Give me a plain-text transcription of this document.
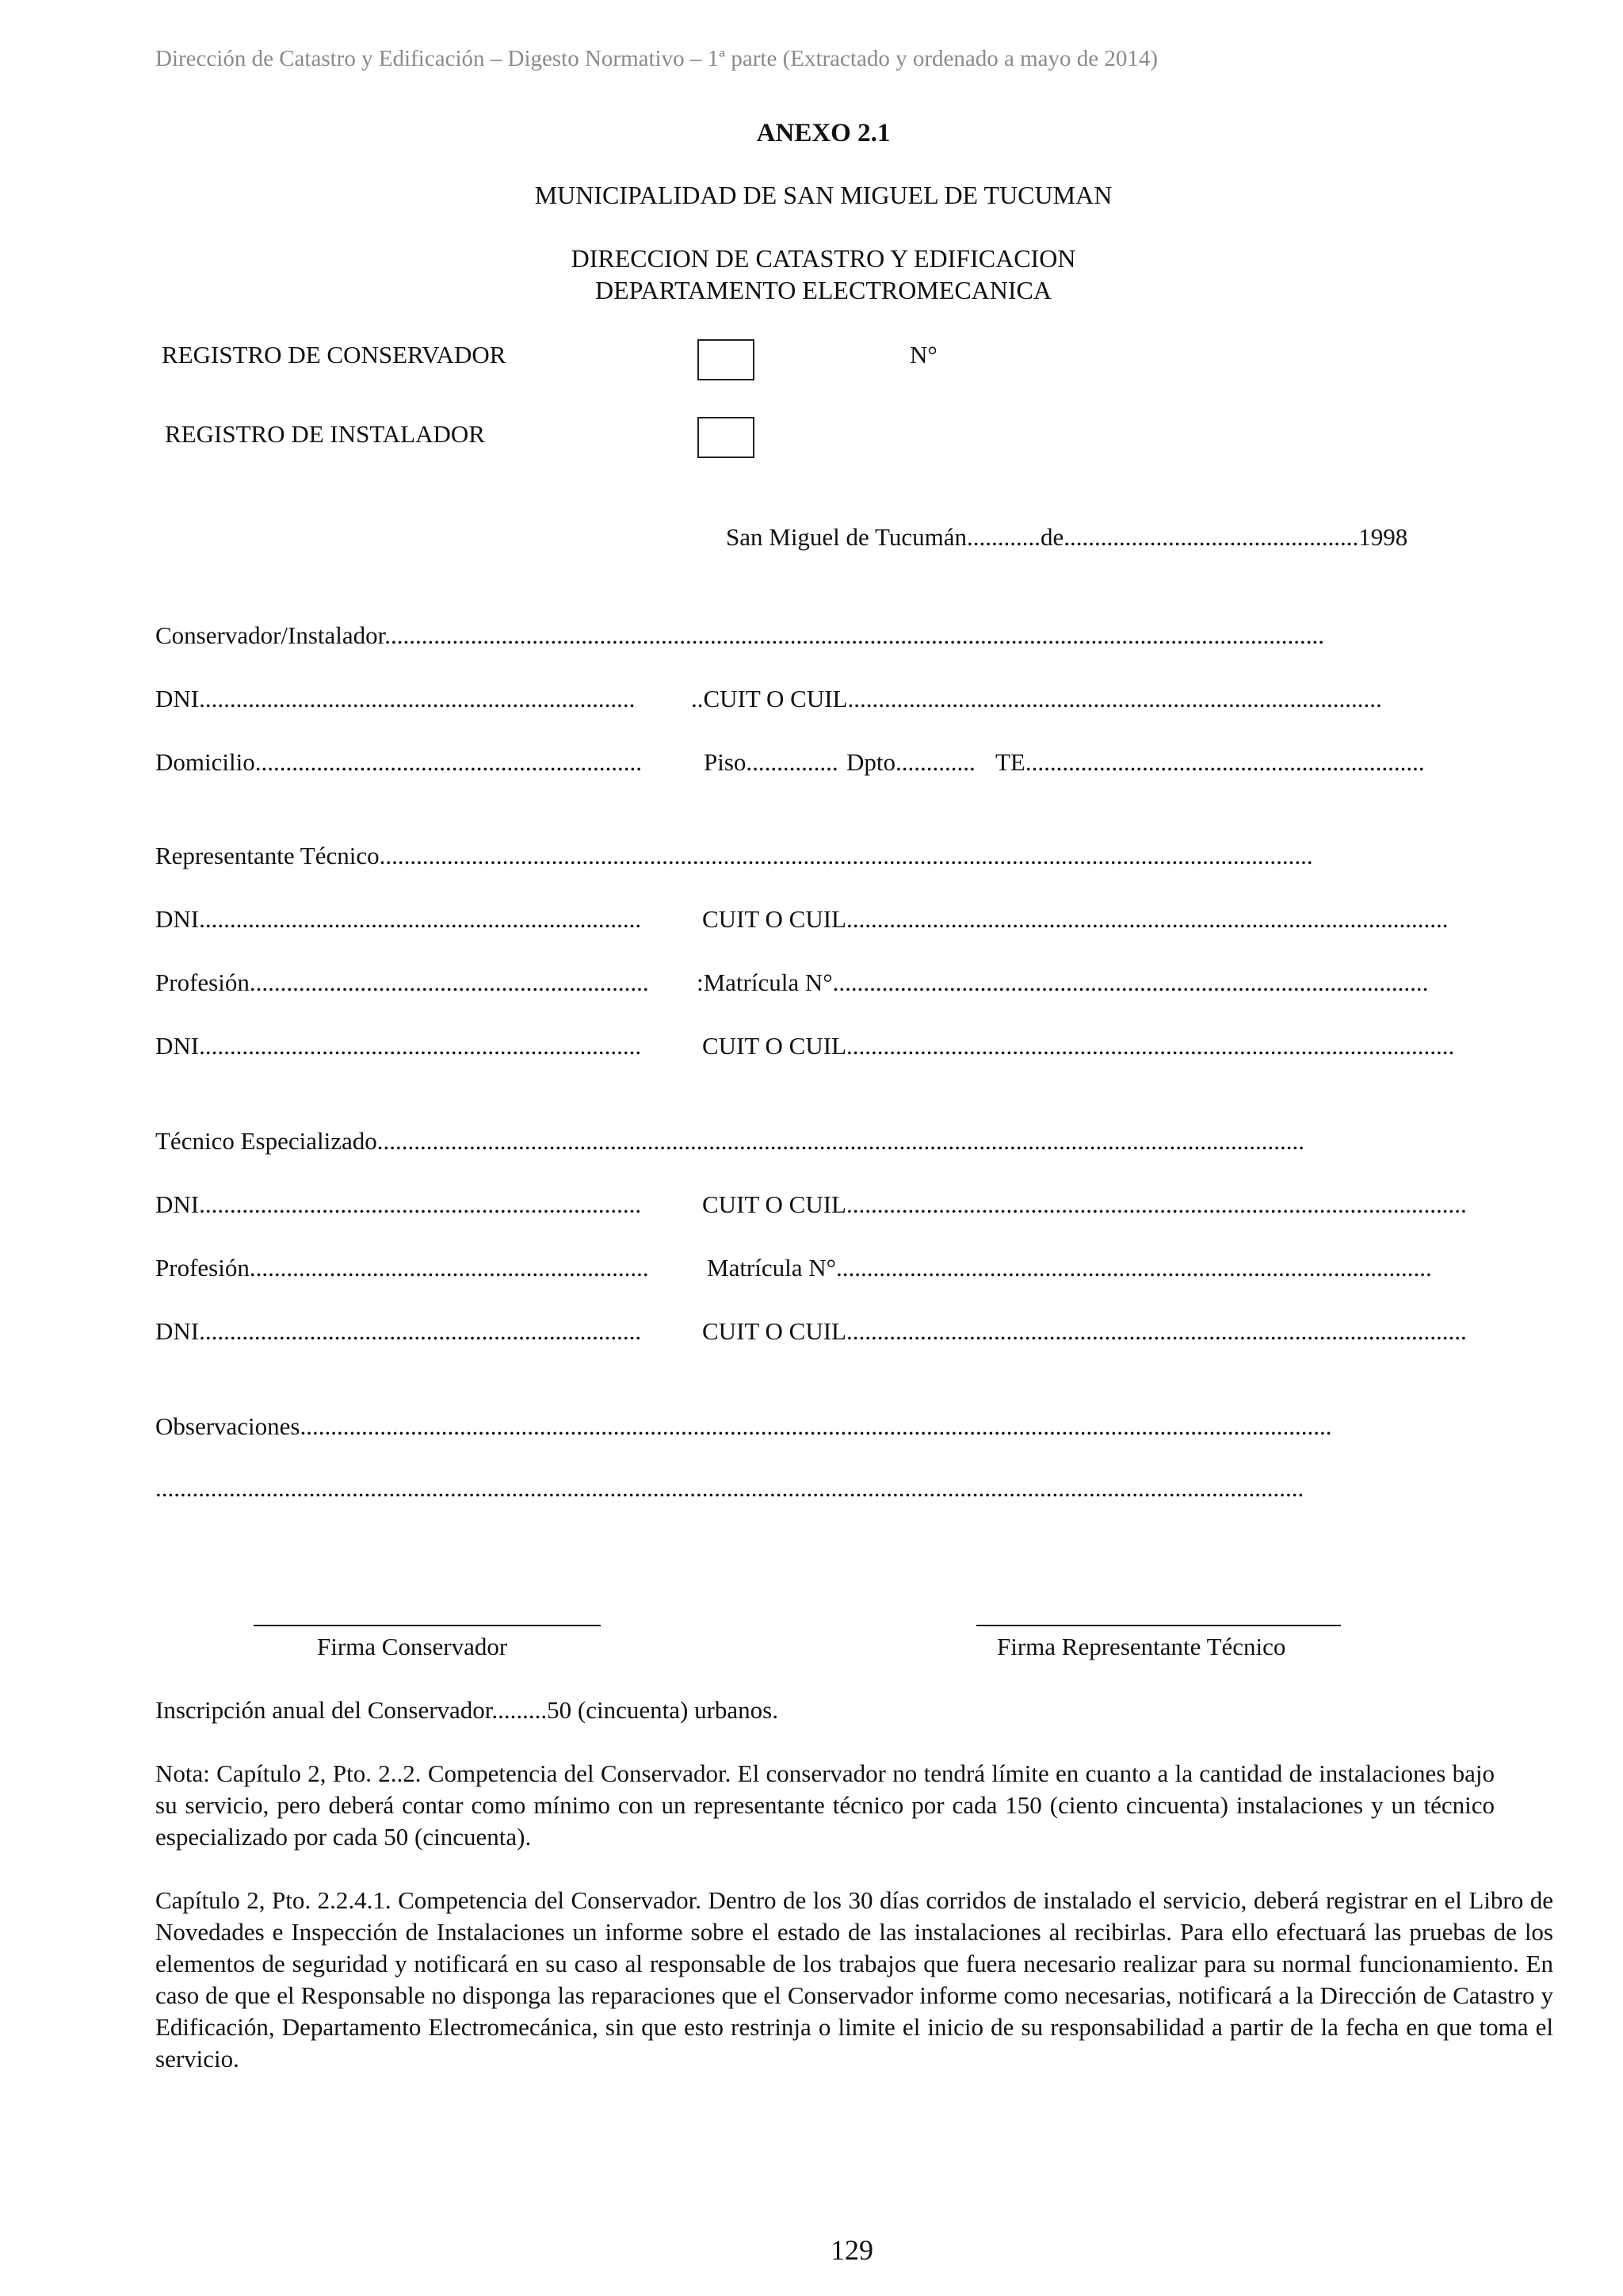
Dirección de Catastro y Edificación – Digesto Normativo – 1ª parte (Extractado y ordenado a mayo de 2014)
ANEXO 2.1
MUNICIPALIDAD DE SAN MIGUEL DE TUCUMAN
DIRECCION DE CATASTRO Y EDIFICACION
DEPARTAMENTO ELECTROMECANICA
REGISTRO DE CONSERVADOR	N°
REGISTRO DE INSTALADOR
San Miguel de Tucumán............de................................................1998
Conservador/Instalador.........................................................................................................................................................
DNI.......................................................................	..CUIT O CUIL.......................................................................................
Domicilio...............................................................	Piso............... Dpto............. TE.................................................................
Representante Técnico........................................................................................................................................................
DNI........................................................................	CUIT O CUIL..................................................................................................
Profesión.................................................................	:Matrícula N°.................................................................................................
DNI........................................................................	CUIT O CUIL...................................................................................................
Técnico Especializado.......................................................................................................................................................
DNI........................................................................	CUIT O CUIL.....................................................................................................
Profesión.................................................................	Matrícula N°.................................................................................................
DNI........................................................................	CUIT O CUIL.....................................................................................................
Observaciones........................................................................................................................................................................
...........................................................................................................................................................................................
Firma Conservador	Firma Representante Técnico
Inscripción anual del Conservador.........50 (cincuenta) urbanos.
Nota: Capítulo 2, Pto. 2..2. Competencia del Conservador. El conservador no tendrá límite en cuanto a la cantidad de instalaciones bajo su servicio, pero deberá contar como mínimo con un representante técnico por cada 150 (ciento cincuenta) instalaciones y un técnico especializado por cada 50 (cincuenta).
Capítulo 2, Pto. 2.2.4.1. Competencia del Conservador. Dentro de los 30 días corridos de instalado el servicio, deberá registrar en el Libro de Novedades e Inspección de Instalaciones un informe sobre el estado de las instalaciones al recibirlas. Para ello efectuará las pruebas de los elementos de seguridad y notificará en su caso al responsable de los trabajos que fuera necesario realizar para su normal funcionamiento. En caso de que el Responsable no disponga las reparaciones que el Conservador informe como necesarias, notificará a la Dirección de Catastro y Edificación, Departamento Electromecánica, sin que esto restrinja o limite el inicio de su responsabilidad a partir de la fecha en que toma el servicio.
129
